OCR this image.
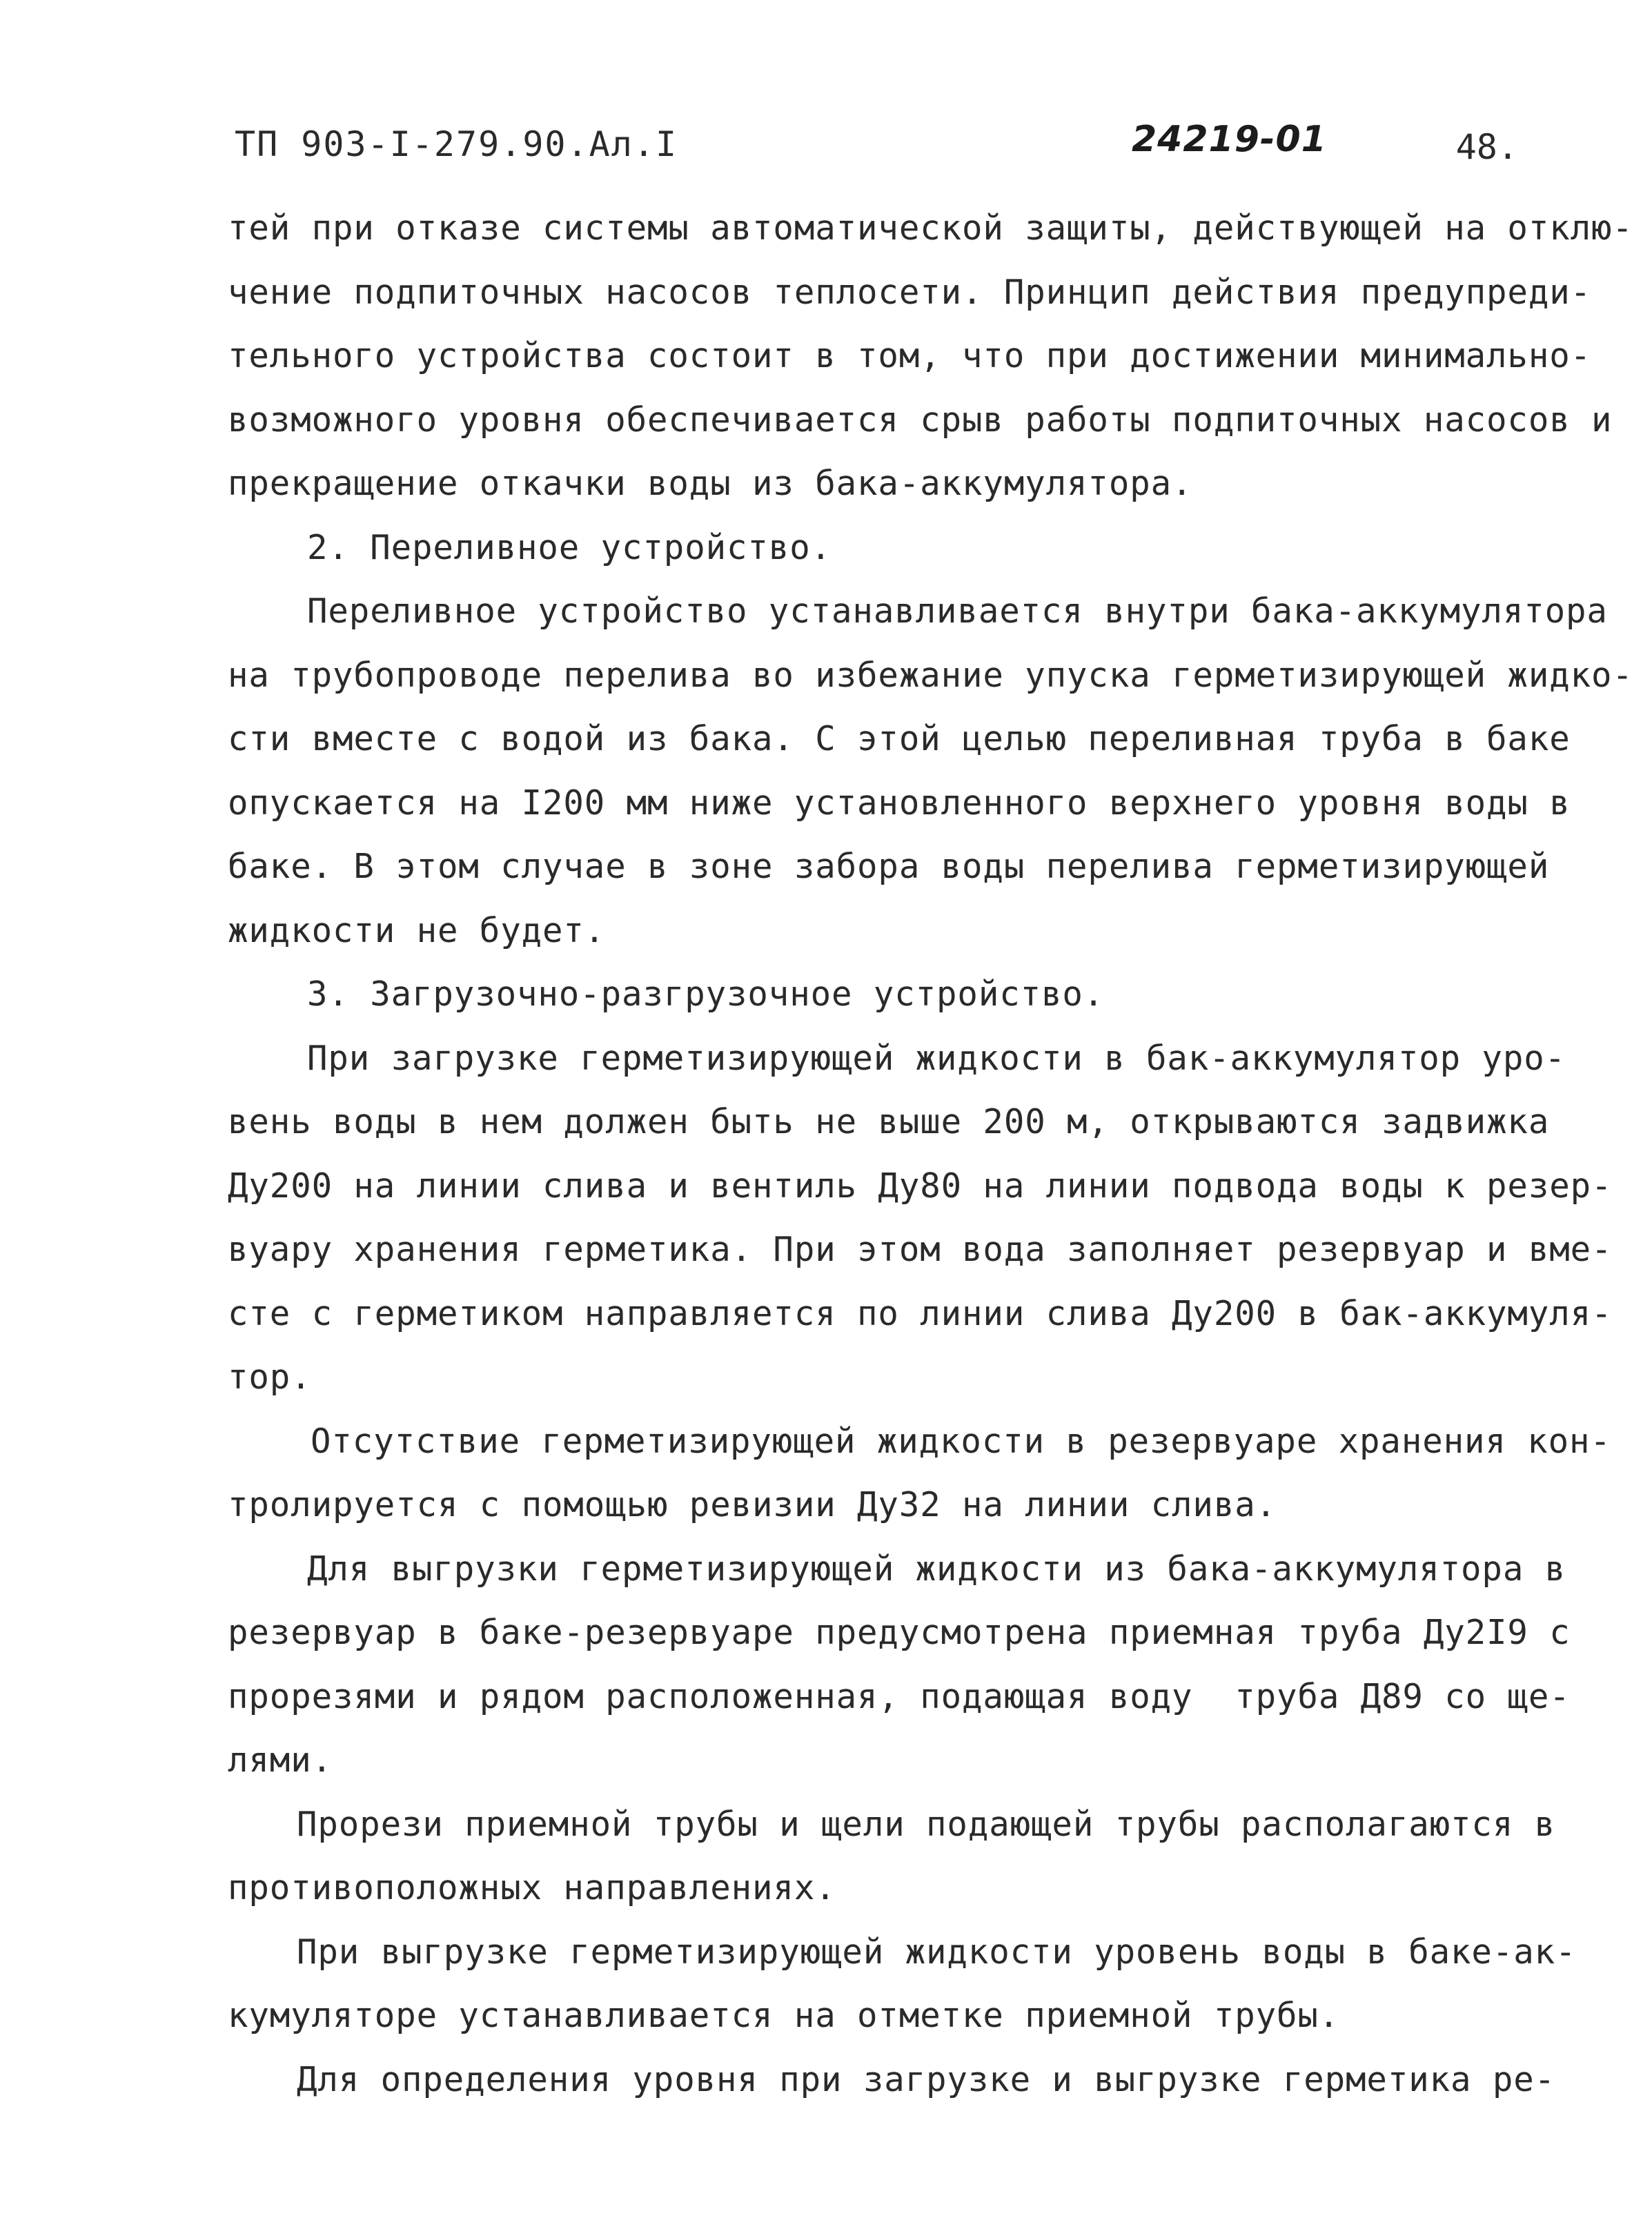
ТП 903-I-279.90.Ал.I	24219-01	48.
тей при отказе системы автоматической защиты, действующей на отклю-
чение подпиточных насосов теплосети. Принцип действия предупреди-
тельного устройства состоит в том, что при достижении минимально-
возможного уровня обеспечивается срыв работы подпиточных насосов и
прекращение откачки воды из бака-аккумулятора.
2. Переливное устройство.
Переливное устройство устанавливается внутри бака-аккумулятора
на трубопроводе перелива во избежание упуска герметизирующей жидко-
сти вместе с водой из бака. С этой целью переливная труба в баке
опускается на I200 мм ниже установленного верхнего уровня воды в
баке. В этом случае в зоне забора воды перелива герметизирующей
жидкости не будет.
3. Загрузочно-разгрузочное устройство.
При загрузке герметизирующей жидкости в бак-аккумулятор уро-
вень воды в нем должен быть не выше 200 м, открываются задвижка
Ду200 на линии слива и вентиль Ду80 на линии подвода воды к резер-
вуару хранения герметика. При этом вода заполняет резервуар и вме-
сте с герметиком направляется по линии слива Ду200 в бак-аккумуля-
тор.
Отсутствие герметизирующей жидкости в резервуаре хранения кон-
тролируется с помощью ревизии Ду32 на линии слива.
Для выгрузки герметизирующей жидкости из бака-аккумулятора в
резервуар в баке-резервуаре предусмотрена приемная труба Ду2I9 с
прорезями и рядом расположенная, подающая воду  труба Д89 со ще-
лями.
Прорези приемной трубы и щели подающей трубы располагаются в
противоположных направлениях.
При выгрузке герметизирующей жидкости уровень воды в баке-ак-
кумуляторе устанавливается на отметке приемной трубы.
Для определения уровня при загрузке и выгрузке герметика ре-
